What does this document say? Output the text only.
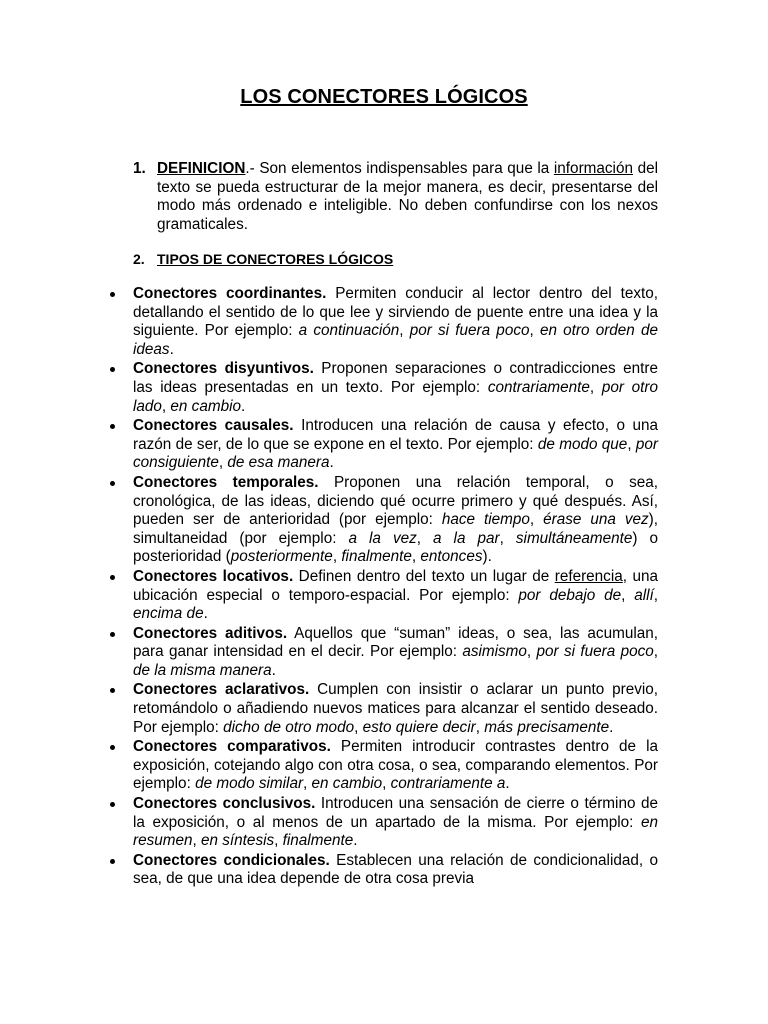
LOS CONECTORES LÓGICOS
1. DEFINICION.- Son elementos indispensables para que la información del texto se pueda estructurar de la mejor manera, es decir, presentarse del modo más ordenado e inteligible. No deben confundirse con los nexos gramaticales.
2. TIPOS DE CONECTORES LÓGICOS
Conectores coordinantes. Permiten conducir al lector dentro del texto, detallando el sentido de lo que lee y sirviendo de puente entre una idea y la siguiente. Por ejemplo: a continuación, por si fuera poco, en otro orden de ideas.
Conectores disyuntivos. Proponen separaciones o contradicciones entre las ideas presentadas en un texto. Por ejemplo: contrariamente, por otro lado, en cambio.
Conectores causales. Introducen una relación de causa y efecto, o una razón de ser, de lo que se expone en el texto. Por ejemplo: de modo que, por consiguiente, de esa manera.
Conectores temporales. Proponen una relación temporal, o sea, cronológica, de las ideas, diciendo qué ocurre primero y qué después. Así, pueden ser de anterioridad (por ejemplo: hace tiempo, érase una vez), simultaneidad (por ejemplo: a la vez, a la par, simultáneamente) o posterioridad (posteriormente, finalmente, entonces).
Conectores locativos. Definen dentro del texto un lugar de referencia, una ubicación especial o temporo-espacial. Por ejemplo: por debajo de, allí, encima de.
Conectores aditivos. Aquellos que “suman” ideas, o sea, las acumulan, para ganar intensidad en el decir. Por ejemplo: asimismo, por si fuera poco, de la misma manera.
Conectores aclarativos. Cumplen con insistir o aclarar un punto previo, retomándolo o añadiendo nuevos matices para alcanzar el sentido deseado. Por ejemplo: dicho de otro modo, esto quiere decir, más precisamente.
Conectores comparativos. Permiten introducir contrastes dentro de la exposición, cotejando algo con otra cosa, o sea, comparando elementos. Por ejemplo: de modo similar, en cambio, contrariamente a.
Conectores conclusivos. Introducen una sensación de cierre o término de la exposición, o al menos de un apartado de la misma. Por ejemplo: en resumen, en síntesis, finalmente.
Conectores condicionales. Establecen una relación de condicionalidad, o sea, de que una idea depende de otra cosa previa
